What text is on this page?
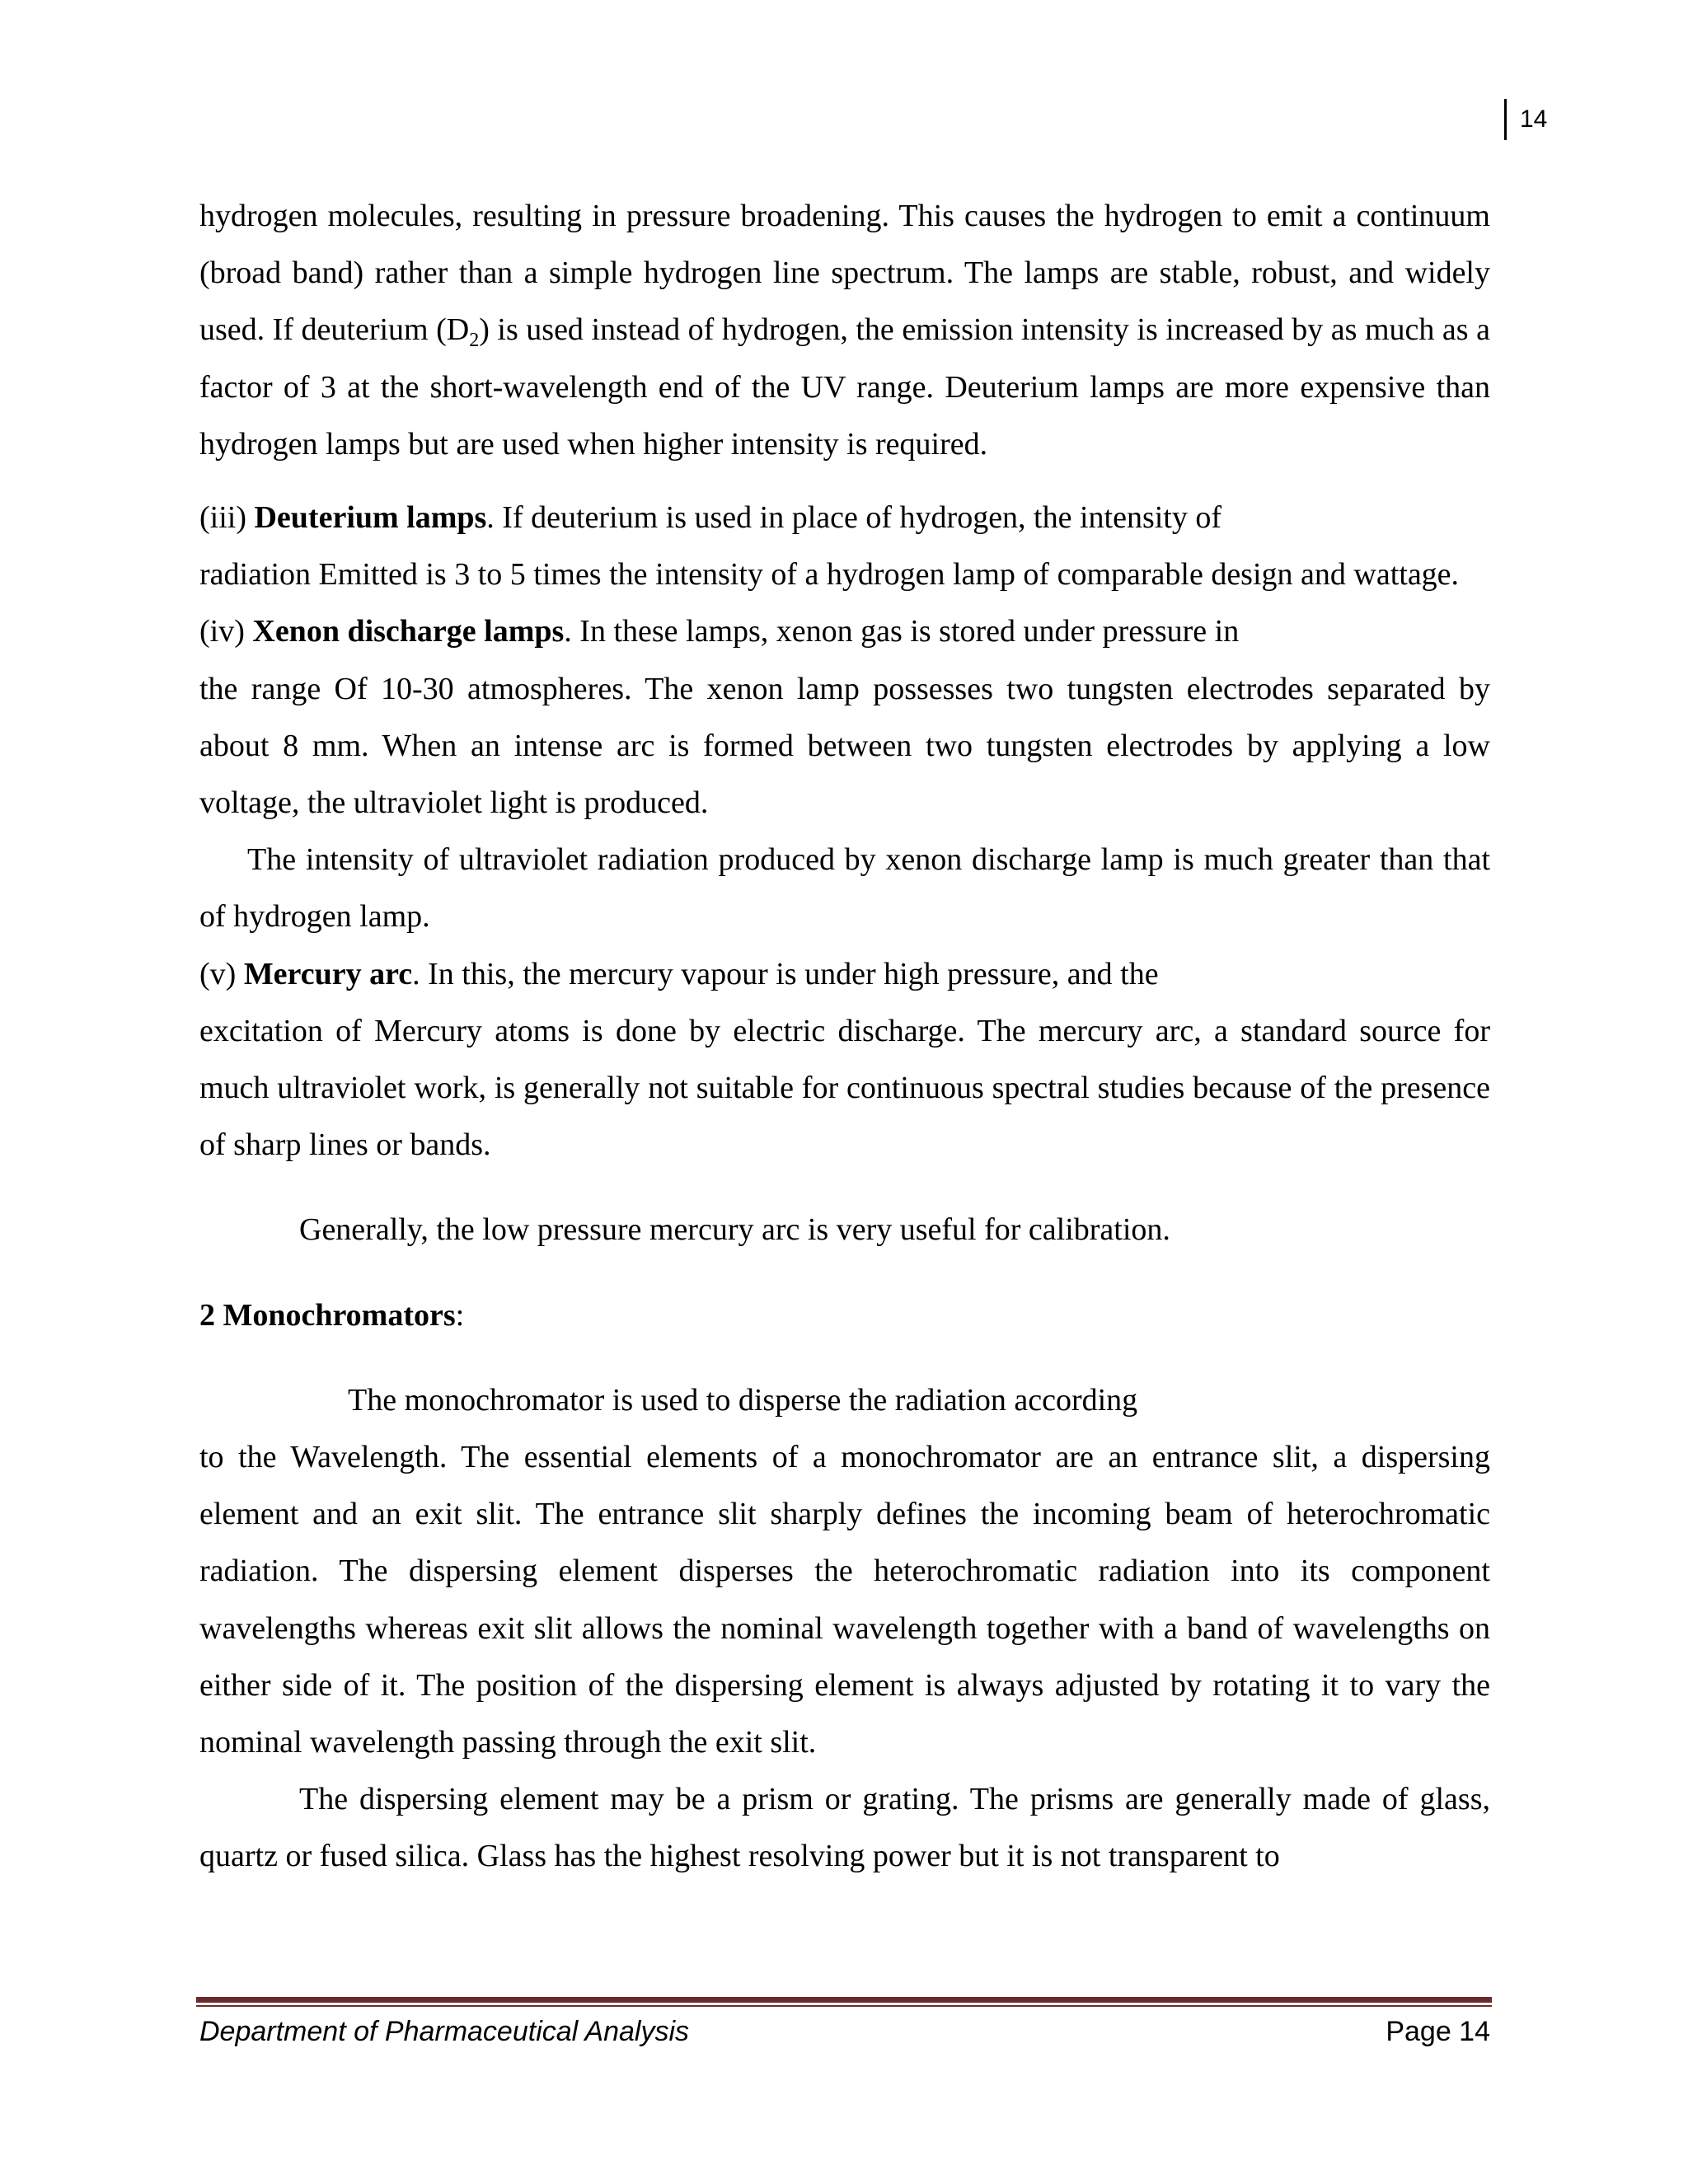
14

hydrogen molecules, resulting in pressure broadening. This causes the hydrogen to emit a continuum (broad band) rather than a simple hydrogen line spectrum. The lamps are stable, robust, and widely used. If deuterium $(D_2)$ is used instead of hydrogen, the emission intensity is increased by as much as a factor of 3 at the short-wavelength end of the UV range. Deuterium lamps are more expensive than hydrogen lamps but are used when higher intensity is required.

(iii) Deuterium lamps. If deuterium is used in place of hydrogen, the intensity of

radiation Emitted is 3 to 5 times the intensity of a hydrogen lamp of comparable design and wattage.

(iv) Xenon discharge lamps. In these lamps, xenon gas is stored under pressure in

the range Of 10-30 atmospheres. The xenon lamp possesses two tungsten electrodes separated by about 8 mm. When an intense arc is formed between two tungsten electrodes by applying a low voltage, the ultraviolet light is produced.

The intensity of ultraviolet radiation produced by xenon discharge lamp is much greater than that of hydrogen lamp.

(v) Mercury arc. In this, the mercury vapour is under high pressure, and the

excitation of Mercury atoms is done by electric discharge. The mercury arc, a standard source for much ultraviolet work, is generally not suitable for continuous spectral studies because of the presence of sharp lines or bands.

Generally, the low pressure mercury arc is very useful for calibration.

2 Monochromators:

The monochromator is used to disperse the radiation according

to the Wavelength. The essential elements of a monochromator are an entrance slit, a dispersing element and an exit slit. The entrance slit sharply defines the incoming beam of heterochromatic radiation. The dispersing element disperses the heterochromatic radiation into its component wavelengths whereas exit slit allows the nominal wavelength together with a band of wavelengths on either side of it. The position of the dispersing element is always adjusted by rotating it to vary the nominal wavelength passing through the exit slit.

The dispersing element may be a prism or grating. The prisms are generally made of glass, quartz or fused silica. Glass has the highest resolving power but it is not transparent to

Department of Pharmaceutical Analysis	Page 14
